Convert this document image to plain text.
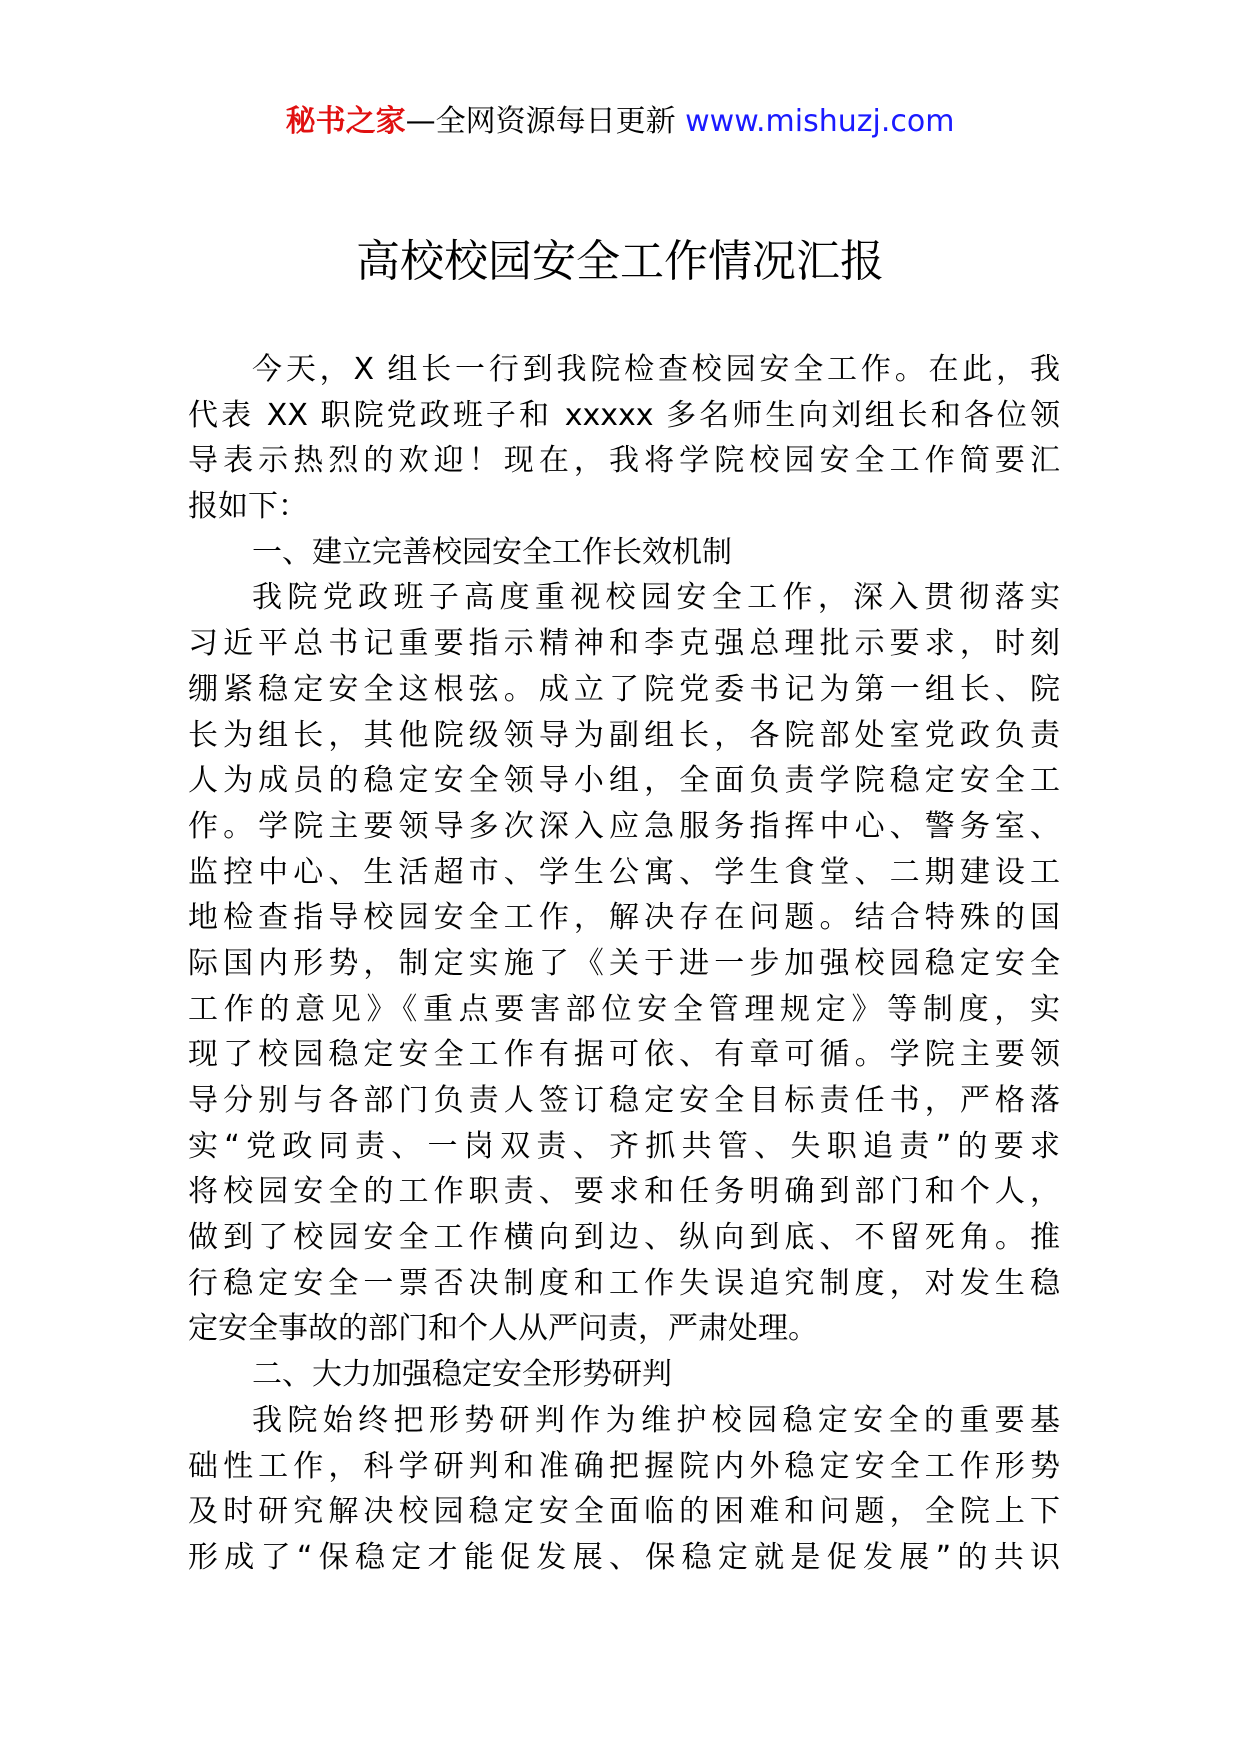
秘书之家—全网资源每日更新 www.mishuzj.com
高校校园安全工作情况汇报
今天，X 组长一行到我院检查校园安全工作。在此，我
代表 XX 职院党政班子和 xxxxx 多名师生向刘组长和各位领
导表示热烈的欢迎！现在，我将学院校园安全工作简要汇
报如下：
一、建立完善校园安全工作长效机制
我院党政班子高度重视校园安全工作，深入贯彻落实
习近平总书记重要指示精神和李克强总理批示要求，时刻
绷紧稳定安全这根弦。成立了院党委书记为第一组长、院
长为组长，其他院级领导为副组长，各院部处室党政负责
人为成员的稳定安全领导小组，全面负责学院稳定安全工
作。学院主要领导多次深入应急服务指挥中心、警务室、
监控中心、生活超市、学生公寓、学生食堂、二期建设工
地检查指导校园安全工作，解决存在问题。结合特殊的国
际国内形势，制定实施了《关于进一步加强校园稳定安全
工作的意见》《重点要害部位安全管理规定》等制度，实
现了校园稳定安全工作有据可依、有章可循。学院主要领
导分别与各部门负责人签订稳定安全目标责任书，严格落
实“党政同责、一岗双责、齐抓共管、失职追责”的要求
将校园安全的工作职责、要求和任务明确到部门和个人，
做到了校园安全工作横向到边、纵向到底、不留死角。推
行稳定安全一票否决制度和工作失误追究制度，对发生稳
定安全事故的部门和个人从严问责，严肃处理。
二、大力加强稳定安全形势研判
我院始终把形势研判作为维护校园稳定安全的重要基
础性工作，科学研判和准确把握院内外稳定安全工作形势
及时研究解决校园稳定安全面临的困难和问题，全院上下
形成了“保稳定才能促发展、保稳定就是促发展”的共识
